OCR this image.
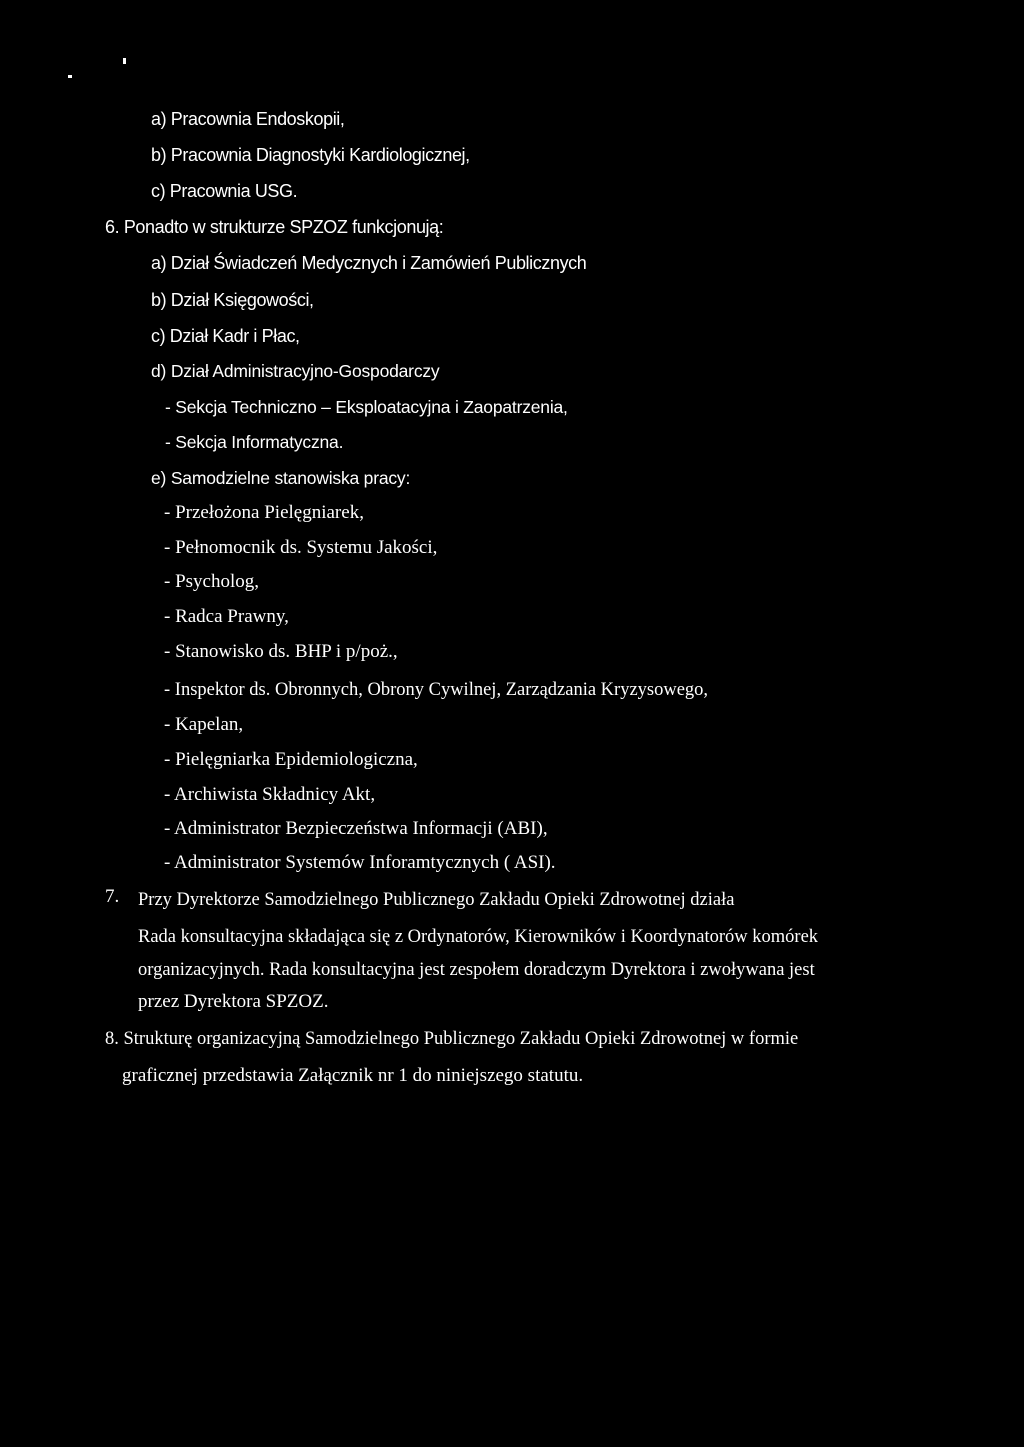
a) Pracownia Endoskopii,
b) Pracownia Diagnostyki Kardiologicznej,
c) Pracownia USG.
6. Ponadto w strukturze SPZOZ funkcjonują:
a) Dział Świadczeń Medycznych i Zamówień Publicznych
b) Dział Księgowości,
c) Dział Kadr i Płac,
d) Dział Administracyjno-Gospodarczy
- Sekcja Techniczno – Eksploatacyjna i Zaopatrzenia,
- Sekcja Informatyczna.
e) Samodzielne stanowiska pracy:
- Przełożona Pielęgniarek,
- Pełnomocnik ds. Systemu Jakości,
- Psycholog,
- Radca Prawny,
- Stanowisko ds. BHP i p/poż.,
- Inspektor ds. Obronnych, Obrony Cywilnej, Zarządzania Kryzysowego,
- Kapelan,
- Pielęgniarka Epidemiologiczna,
- Archiwista Składnicy Akt,
- Administrator Bezpieczeństwa Informacji (ABI),
- Administrator Systemów Inforamtycznych ( ASI).
7. Przy Dyrektorze Samodzielnego Publicznego Zakładu Opieki Zdrowotnej działa
Rada konsultacyjna składająca się z Ordynatorów, Kierowników i Koordynatorów komórek
organizacyjnych. Rada konsultacyjna jest zespołem doradczym Dyrektora i zwoływana jest
przez Dyrektora SPZOZ.
8. Strukturę organizacyjną Samodzielnego Publicznego Zakładu Opieki Zdrowotnej w formie
graficznej przedstawia Załącznik nr 1 do niniejszego statutu.
